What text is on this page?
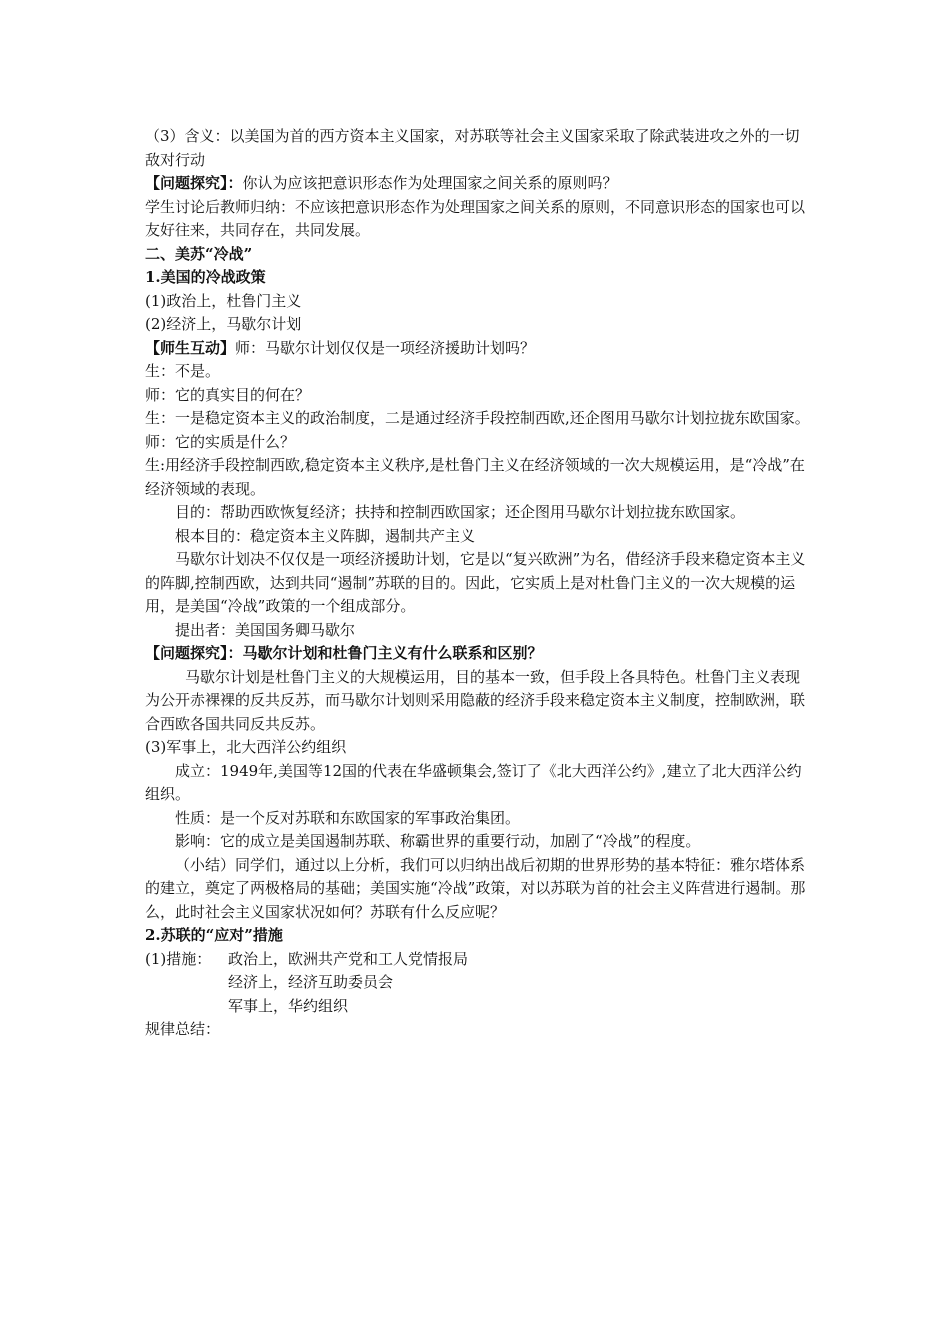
（3）含义：以美国为首的西方资本主义国家，对苏联等社会主义国家采取了除武装进攻之外的一切敌对行动

【问题探究】：你认为应该把意识形态作为处理国家之间关系的原则吗？

学生讨论后教师归纳：不应该把意识形态作为处理国家之间关系的原则，不同意识形态的国家也可以友好往来，共同存在，共同发展。

二、美苏“冷战”

1.美国的冷战政策

(1)政治上，杜鲁门主义

(2)经济上，马歇尔计划

【师生互动】师：马歇尔计划仅仅是一项经济援助计划吗？

生：不是。

师：它的真实目的何在？

生：一是稳定资本主义的政治制度，二是通过经济手段控制西欧,还企图用马歇尔计划拉拢东欧国家。

师：它的实质是什么？

生:用经济手段控制西欧,稳定资本主义秩序,是杜鲁门主义在经济领域的一次大规模运用，是“冷战”在经济领域的表现。

目的：帮助西欧恢复经济；扶持和控制西欧国家；还企图用马歇尔计划拉拢东欧国家。

根本目的：稳定资本主义阵脚，遏制共产主义

马歇尔计划决不仅仅是一项经济援助计划，它是以“复兴欧洲”为名，借经济手段来稳定资本主义的阵脚,控制西欧，达到共同“遏制”苏联的目的。因此，它实质上是对杜鲁门主义的一次大规模的运用，是美国“冷战”政策的一个组成部分。

提出者：美国国务卿马歇尔

【问题探究】：马歇尔计划和杜鲁门主义有什么联系和区别？

马歇尔计划是杜鲁门主义的大规模运用，目的基本一致，但手段上各具特色。杜鲁门主义表现为公开赤裸裸的反共反苏，而马歇尔计划则采用隐蔽的经济手段来稳定资本主义制度，控制欧洲，联合西欧各国共同反共反苏。

(3)军事上，北大西洋公约组织

成立：1949年,美国等12国的代表在华盛顿集会,签订了《北大西洋公约》,建立了北大西洋公约组织。

性质：是一个反对苏联和东欧国家的军事政治集团。

影响：它的成立是美国遏制苏联、称霸世界的重要行动，加剧了“冷战”的程度。

（小结）同学们，通过以上分析，我们可以归纳出战后初期的世界形势的基本特征：雅尔塔体系的建立，奠定了两极格局的基础；美国实施“冷战”政策，对以苏联为首的社会主义阵营进行遏制。那么，此时社会主义国家状况如何？苏联有什么反应呢？

2.苏联的“应对”措施

(1)措施：	政治上，欧洲共产党和工人党情报局

经济上，经济互助委员会

军事上，华约组织

规律总结：
